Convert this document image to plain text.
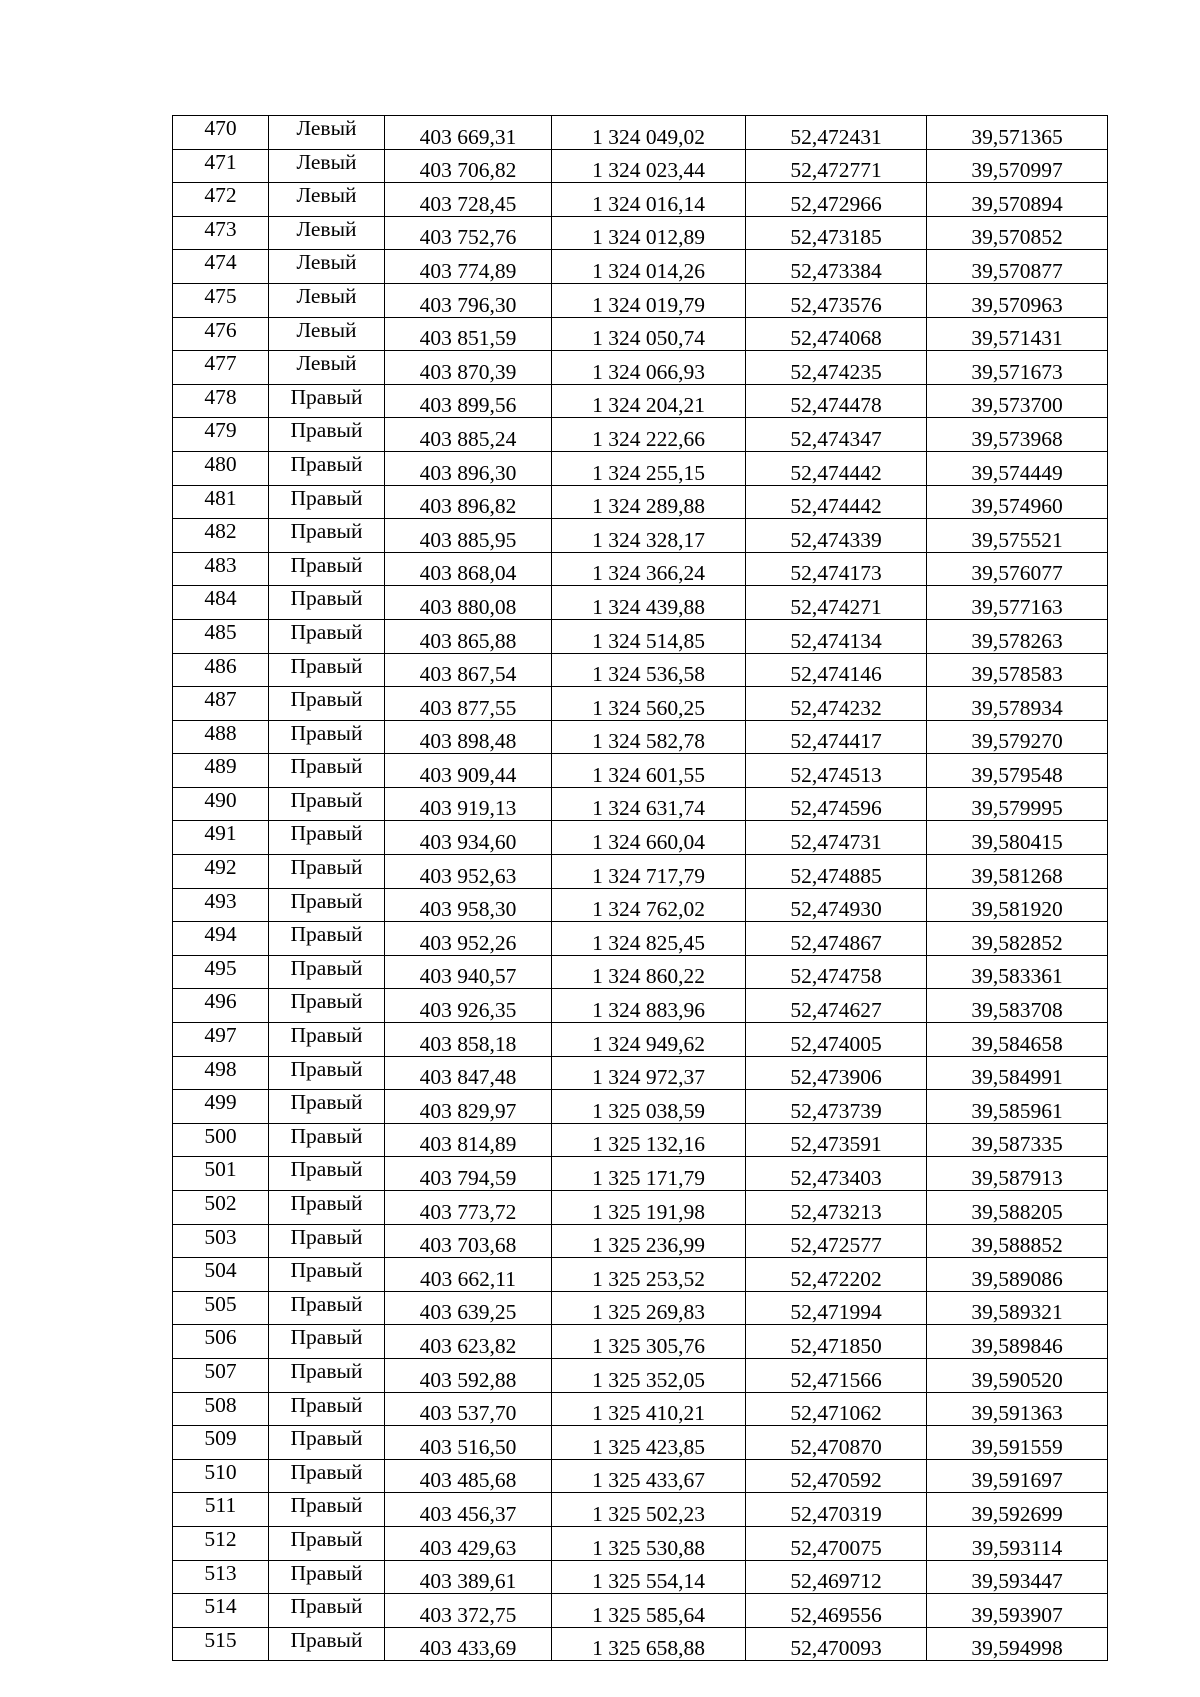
470	Левый	403 669,31	1 324 049,02	52,472431	39,571365
471	Левый	403 706,82	1 324 023,44	52,472771	39,570997
472	Левый	403 728,45	1 324 016,14	52,472966	39,570894
473	Левый	403 752,76	1 324 012,89	52,473185	39,570852
474	Левый	403 774,89	1 324 014,26	52,473384	39,570877
475	Левый	403 796,30	1 324 019,79	52,473576	39,570963
476	Левый	403 851,59	1 324 050,74	52,474068	39,571431
477	Левый	403 870,39	1 324 066,93	52,474235	39,571673
478	Правый	403 899,56	1 324 204,21	52,474478	39,573700
479	Правый	403 885,24	1 324 222,66	52,474347	39,573968
480	Правый	403 896,30	1 324 255,15	52,474442	39,574449
481	Правый	403 896,82	1 324 289,88	52,474442	39,574960
482	Правый	403 885,95	1 324 328,17	52,474339	39,575521
483	Правый	403 868,04	1 324 366,24	52,474173	39,576077
484	Правый	403 880,08	1 324 439,88	52,474271	39,577163
485	Правый	403 865,88	1 324 514,85	52,474134	39,578263
486	Правый	403 867,54	1 324 536,58	52,474146	39,578583
487	Правый	403 877,55	1 324 560,25	52,474232	39,578934
488	Правый	403 898,48	1 324 582,78	52,474417	39,579270
489	Правый	403 909,44	1 324 601,55	52,474513	39,579548
490	Правый	403 919,13	1 324 631,74	52,474596	39,579995
491	Правый	403 934,60	1 324 660,04	52,474731	39,580415
492	Правый	403 952,63	1 324 717,79	52,474885	39,581268
493	Правый	403 958,30	1 324 762,02	52,474930	39,581920
494	Правый	403 952,26	1 324 825,45	52,474867	39,582852
495	Правый	403 940,57	1 324 860,22	52,474758	39,583361
496	Правый	403 926,35	1 324 883,96	52,474627	39,583708
497	Правый	403 858,18	1 324 949,62	52,474005	39,584658
498	Правый	403 847,48	1 324 972,37	52,473906	39,584991
499	Правый	403 829,97	1 325 038,59	52,473739	39,585961
500	Правый	403 814,89	1 325 132,16	52,473591	39,587335
501	Правый	403 794,59	1 325 171,79	52,473403	39,587913
502	Правый	403 773,72	1 325 191,98	52,473213	39,588205
503	Правый	403 703,68	1 325 236,99	52,472577	39,588852
504	Правый	403 662,11	1 325 253,52	52,472202	39,589086
505	Правый	403 639,25	1 325 269,83	52,471994	39,589321
506	Правый	403 623,82	1 325 305,76	52,471850	39,589846
507	Правый	403 592,88	1 325 352,05	52,471566	39,590520
508	Правый	403 537,70	1 325 410,21	52,471062	39,591363
509	Правый	403 516,50	1 325 423,85	52,470870	39,591559
510	Правый	403 485,68	1 325 433,67	52,470592	39,591697
511	Правый	403 456,37	1 325 502,23	52,470319	39,592699
512	Правый	403 429,63	1 325 530,88	52,470075	39,593114
513	Правый	403 389,61	1 325 554,14	52,469712	39,593447
514	Правый	403 372,75	1 325 585,64	52,469556	39,593907
515	Правый	403 433,69	1 325 658,88	52,470093	39,594998
